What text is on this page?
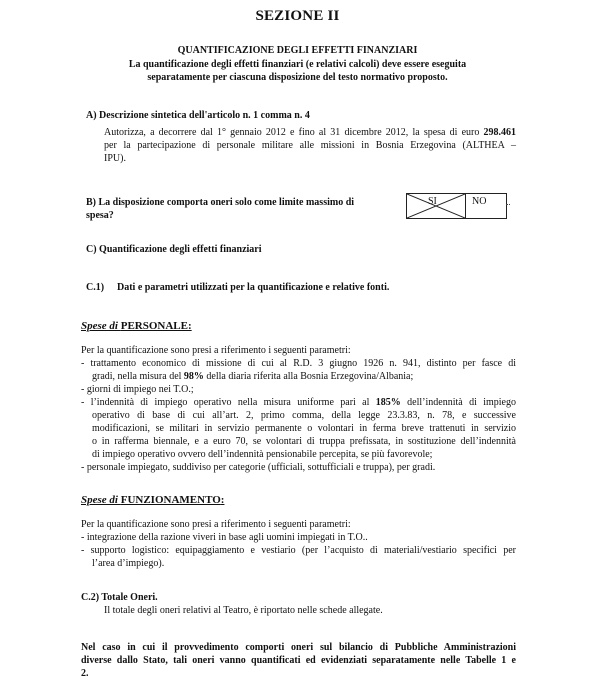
SEZIONE II
QUANTIFICAZIONE DEGLI EFFETTI FINANZIARI
La quantificazione degli effetti finanziari (e relativi calcoli) deve essere eseguita
separatamente per ciascuna disposizione del testo normativo proposto.
A) Descrizione sintetica dell'articolo n. 1 comma n. 4
Autorizza, a decorrere dal 1° gennaio 2012 e fino al 31 dicembre 2012, la spesa di euro 298.461
per la partecipazione di personale militare alle missioni in Bosnia Erzegovina (ALTHEA –
IPU).
B) La disposizione comporta oneri solo come limite massimo di
spesa?
SI	NO
C) Quantificazione degli effetti finanziari
C.1) Dati e parametri utilizzati per la quantificazione e relative fonti.
Spese di PERSONALE:
Per la quantificazione sono presi a riferimento i seguenti parametri:
- trattamento economico di missione di cui al R.D. 3 giugno 1926 n. 941, distinto per fasce di
gradi, nella misura del 98% della diaria riferita alla Bosnia Erzegovina/Albania;
- giorni di impiego nei T.O.;
- l’indennità di impiego operativo nella misura uniforme pari al 185% dell’indennità di impiego
operativo di base di cui all’art. 2, primo comma, della legge 23.3.83, n. 78, e successive
modificazioni, se militari in servizio permanente o volontari in ferma breve trattenuti in servizio
o in rafferma biennale, e a euro 70, se volontari di truppa prefissata, in sostituzione dell’indennità
di impiego operativo ovvero dell’indennità pensionabile percepita, se più favorevole;
- personale impiegato, suddiviso per categorie (ufficiali, sottufficiali e truppa), per gradi.
Spese di FUNZIONAMENTO:
Per la quantificazione sono presi a riferimento i seguenti parametri:
- integrazione della razione viveri in base agli uomini impiegati in T.O..
- supporto logistico: equipaggiamento e vestiario (per l’acquisto di materiali/vestiario specifici per
l’area d’impiego).
C.2) Totale Oneri.
Il totale degli oneri relativi al Teatro, è riportato nelle schede allegate.
Nel caso in cui il provvedimento comporti oneri sul bilancio di Pubbliche Amministrazioni
diverse dallo Stato, tali oneri vanno quantificati ed evidenziati separatamente nelle Tabelle 1 e
2.
